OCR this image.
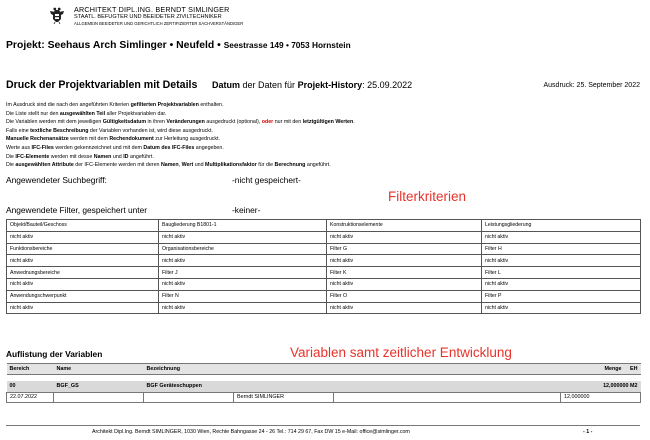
ARCHITEKT DIPL.ING. BERNDT SIMLINGER
STAATL. BEFUGTER UND BEEIDETER ZIVILTECHNIKER
ALLGEMEIN BEEIDETER UND GERICHTLICH ZERTIFIZIERTER SACHVERSTÄNDIGER
Projekt: Seehaus Arch Simlinger • Neufeld • Seestrasse 149 • 7053 Hornstein
Druck der Projektvariablen mit Details Datum der Daten für Projekt-History: 25.09.2022	Ausdruck: 25. September 2022
Im Ausdruck sind die nach den angeführten Kriterien gefilterten Projektvariablen enthalten.
Die Liste stellt nur den ausgewählten Teil aller Projektvariablen dar.
Die Variablen werden mit dem jeweiligen Gültigkeitsdatum in ihren Veränderungen ausgedruckt (optional), oder nur mit den letztgültigen Werten.
Falls eine textliche Beschreibung der Variablen vorhanden ist, wird diese ausgedruckt.
Manuelle Rechenansätze werden mit dem Rechendokument zur Herleitung ausgedruckt.
Werte aus IFC-Files werden gekennzeichnet und mit dem Datum des IFC-Files angegeben.
Die IFC-Elemente werden mit desse Namen und ID angeführt.
Die ausgewählten Attribute der IFC-Elemente werden mit deren Namen, Wert und Multiplikationsfaktor für die Berechnung angeführt.
Angewendeter Suchbegriff:	-nicht gespeichert-
Filterkriterien
Angewendete Filter, gespeichert unter	-keiner-
Objekt/Bauteil/Geschoss	Baugliederung B1801-1	Konstruktionselemente	Leistungsgliederung
nicht aktiv	nicht aktiv	nicht aktiv	nicht aktiv
Funktionsbereiche	Organisationsbereiche	Filter G	Filter H
nicht aktiv	nicht aktiv	nicht aktiv	nicht aktiv
Anwednungsbereiche	Filter J	Filter K	Filter L
nicht aktiv	nicht aktiv	nicht aktiv	nicht aktiv
Anwendungschwerpunkt	Filter N	Filter O	Filter P
nicht aktiv	nicht aktiv	nicht aktiv	nicht aktiv
Auflistung der Variablen	Variablen samt zeitlicher Entwicklung
Bereich	Name	Bezeichnung			Menge	EH

00	BGF_GS	BGF Geräteschuppen			12,000000 M2	
22.07.2022			Berndt SIMLINGER		12,000000	
Architekt Dipl.Ing. Berndt SIMLINGER, 1030 Wien, Rechte Bahngasse 24 - 26 Tel.: 714 29 67, Fax DW 15 e-Mail: office@simlinger.com	- 1 -
